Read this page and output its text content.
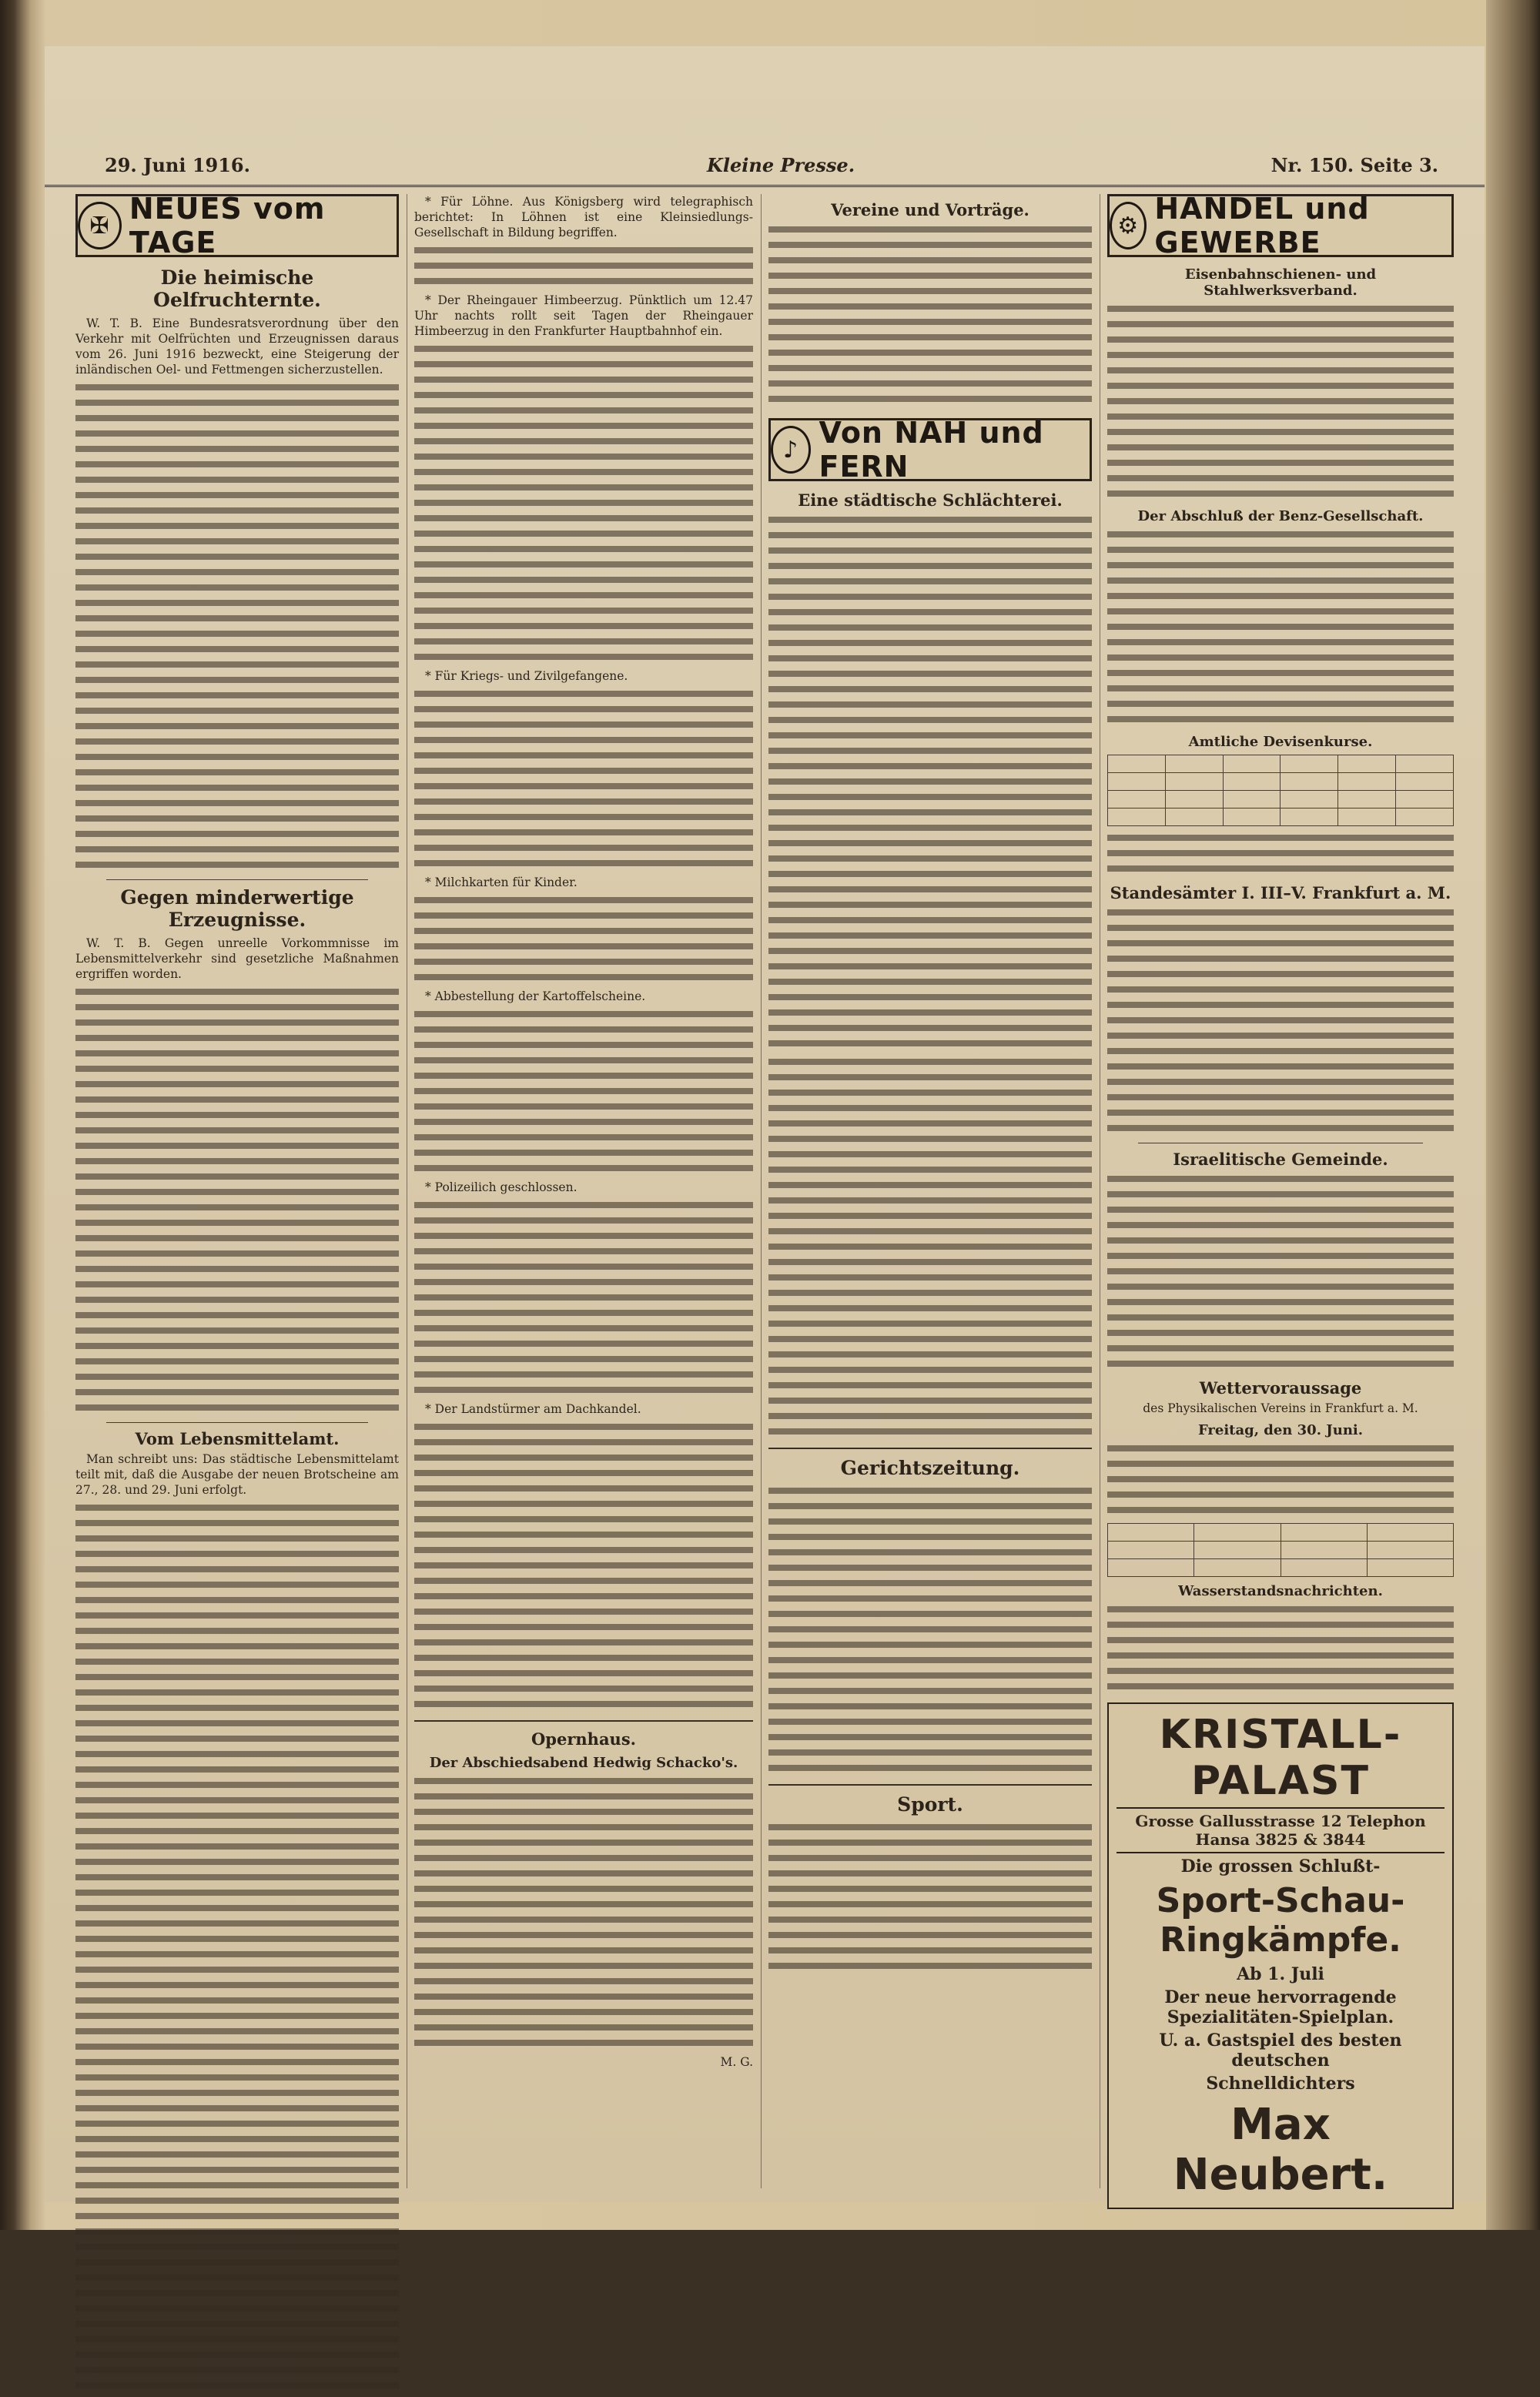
29. Juni 1916.	Kleine Presse.	Nr. 150. Seite 3.
✠ NEUES vom TAGE
Die heimische Oelfruchternte.

W. T. B. Eine Bundesratsverordnung über den Verkehr mit Oelfrüchten und Erzeugnissen daraus vom 26. Juni 1916 bezweckt, eine Steigerung der inländischen Oel- und Fettmengen sicherzustellen.

Gegen minderwertige Erzeugnisse.

W. T. B. Gegen unreelle Vorkommnisse im Lebensmittelverkehr sind gesetzliche Maßnahmen ergriffen worden.

Vom Lebensmittelamt.

Man schreibt uns: Das städtische Lebensmittelamt teilt mit, daß die Ausgabe der neuen Brotscheine am 27., 28. und 29. Juni erfolgt.

* Für Löhne. Aus Königsberg wird telegraphisch berichtet: In Löhnen ist eine Kleinsiedlungs-Gesellschaft in Bildung begriffen.

* Der Rheingauer Himbeerzug. Pünktlich um 12.47 Uhr nachts rollt seit Tagen der Rheingauer Himbeerzug in den Frankfurter Hauptbahnhof ein.

* Für Kriegs- und Zivilgefangene.

* Milchkarten für Kinder.

* Abbestellung der Kartoffelscheine.

* Polizeilich geschlossen.

* Der Landstürmer am Dachkandel.

Opernhaus.
Der Abschiedsabend Hedwig Schacko's.

M. G.

Vereine und Vorträge.
♪ Von NAH und FERN
Eine städtische Schlächterei.
Gerichtszeitung.
Sport.
⚙ HANDEL und GEWERBE
Eisenbahnschienen- und Stahlwerksverband.
Der Abschluß der Benz-Gesellschaft.
Amtliche Devisenkurse.

Standesämter I. III–V. Frankfurt a. M.
Israelitische Gemeinde.
Wettervoraussage

des Physikalischen Vereins in Frankfurt a. M.

Freitag, den 30. Juni.

Wasserstandsnachrichten.
KRISTALL-PALAST
Grosse Gallusstrasse 12 Telephon Hansa 3825 & 3844
Die grossen Schlußt-
Sport-Schau-Ringkämpfe.
Ab 1. Juli
Der neue hervorragende Spezialitäten-Spielplan.
U. a. Gastspiel des besten deutschen
Schnelldichters
Max Neubert.
